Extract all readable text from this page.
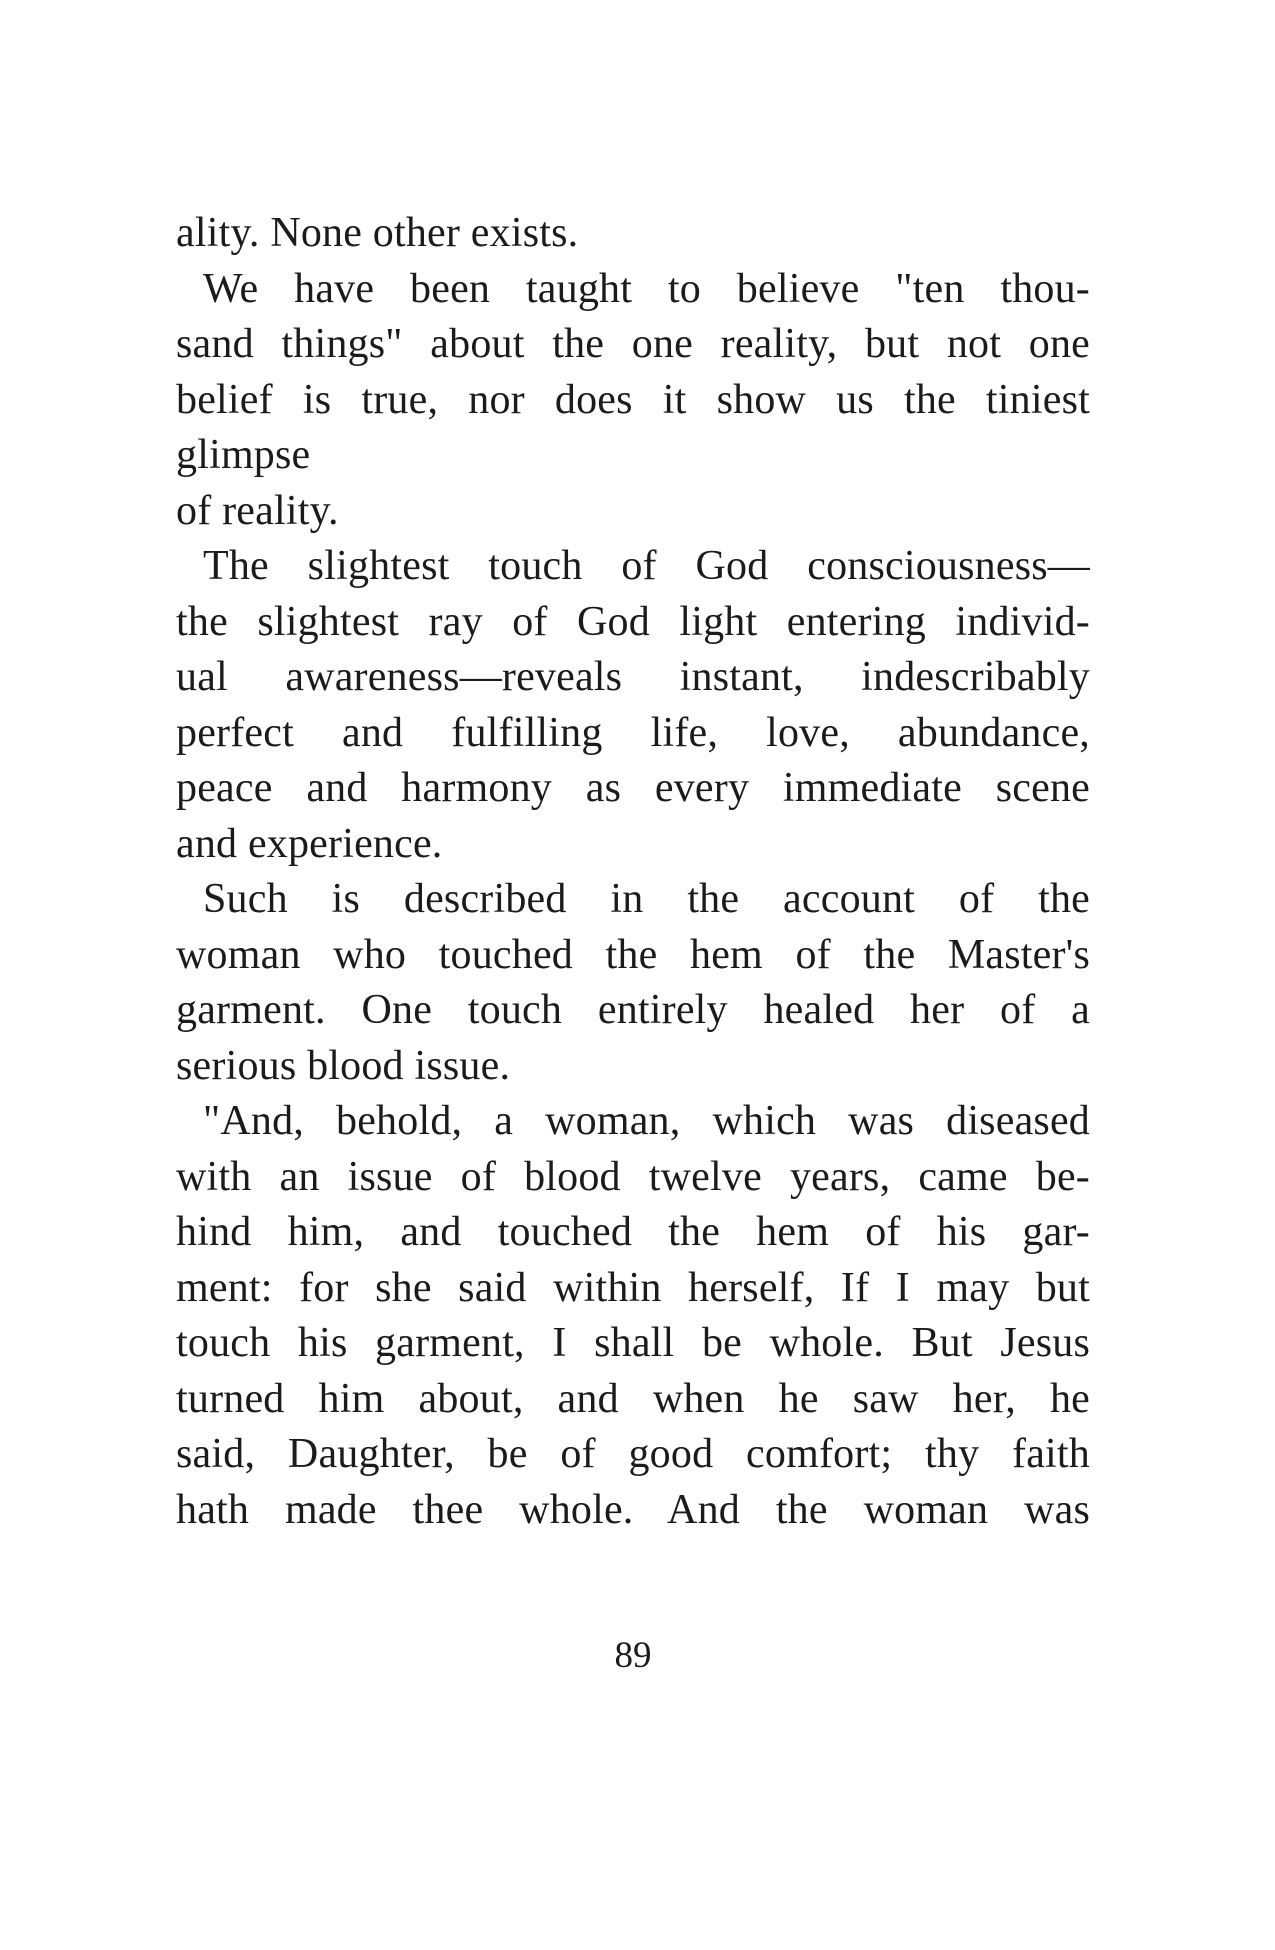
ality. None other exists.
We have been taught to believe "ten thou-
sand things" about the one reality, but not one
belief is true, nor does it show us the tiniest
glimpse
of reality.
The slightest touch of God consciousness—
the slightest ray of God light entering individ-
ual awareness—reveals instant, indescribably
perfect and fulfilling life, love, abundance,
peace and harmony as every immediate scene
and experience.
Such is described in the account of the
woman who touched the hem of the Master's
garment. One touch entirely healed her of a
serious blood issue.
"And, behold, a woman, which was diseased
with an issue of blood twelve years, came be-
hind him, and touched the hem of his gar-
ment: for she said within herself, If I may but
touch his garment, I shall be whole. But Jesus
turned him about, and when he saw her, he
said, Daughter, be of good comfort; thy faith
hath made thee whole. And the woman was
89
